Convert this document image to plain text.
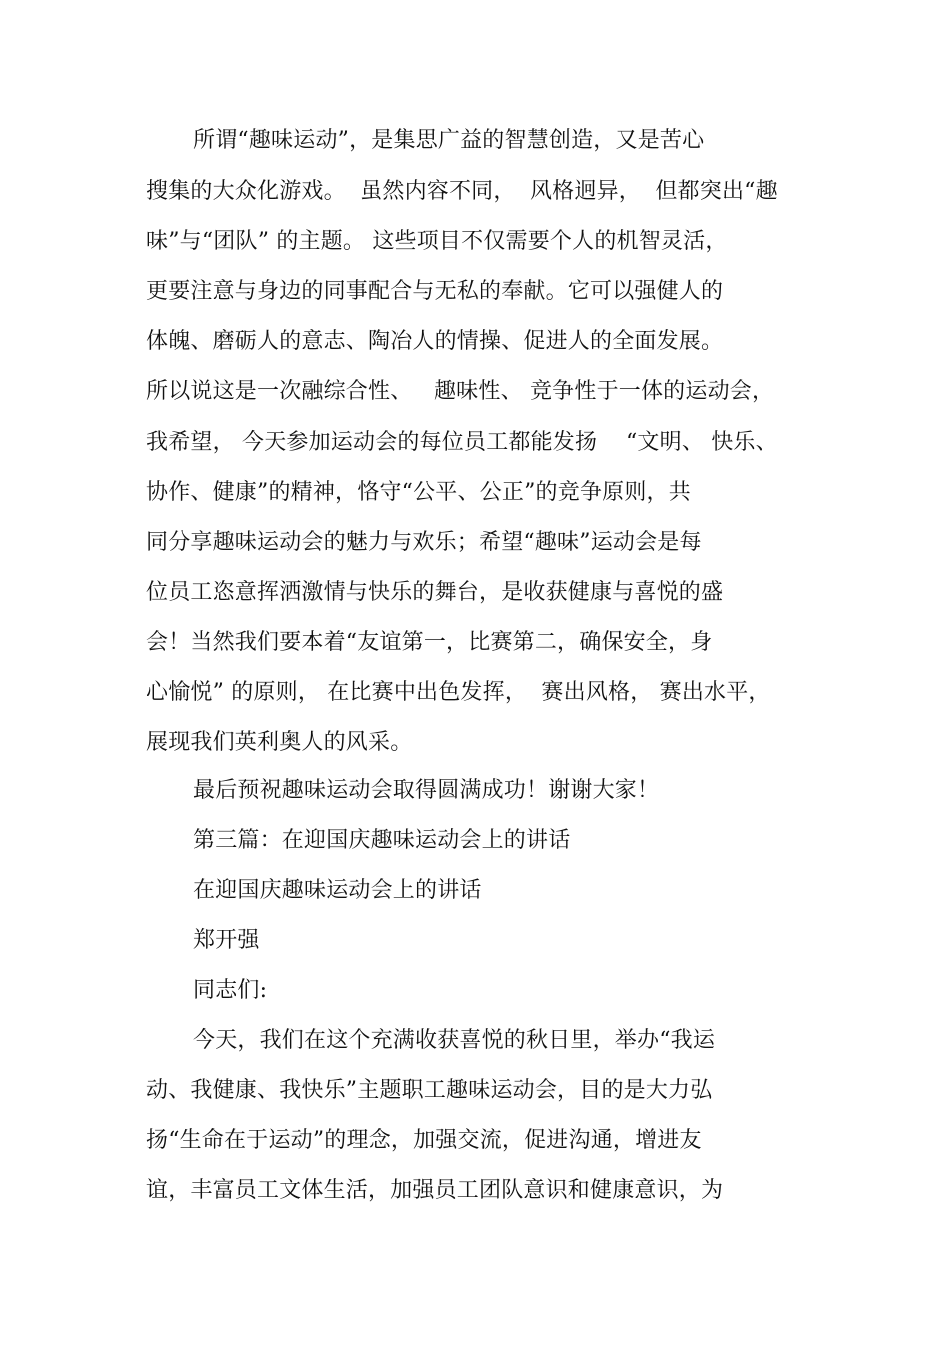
所谓“趣味运动”，是集思广益的智慧创造，又是苦心
搜集的大众化游戏。  虽然内容不同，  风格迥异，  但都突出“趣
味”与“团队” 的主题。 这些项目不仅需要个人的机智灵活，
更要注意与身边的同事配合与无私的奉献。它可以强健人的
体魄、磨砺人的意志、陶冶人的情操、促进人的全面发展。
所以说这是一次融综合性、   趣味性、 竞争性于一体的运动会，
我希望， 今天参加运动会的每位员工都能发扬    “文明、 快乐、
协作、健康”的精神，恪守“公平、公正”的竞争原则，共
同分享趣味运动会的魅力与欢乐；希望“趣味”运动会是每
位员工恣意挥洒激情与快乐的舞台，是收获健康与喜悦的盛
会！当然我们要本着“友谊第一，比赛第二，确保安全，身
心愉悦” 的原则， 在比赛中出色发挥，  赛出风格， 赛出水平，
展现我们英利奥人的风采。
最后预祝趣味运动会取得圆满成功！谢谢大家！
第三篇：在迎国庆趣味运动会上的讲话
在迎国庆趣味运动会上的讲话
郑开强
同志们:
今天，我们在这个充满收获喜悦的秋日里，举办“我运
动、我健康、我快乐”主题职工趣味运动会，目的是大力弘
扬“生命在于运动”的理念，加强交流，促进沟通，增进友
谊，丰富员工文体生活，加强员工团队意识和健康意识，为
